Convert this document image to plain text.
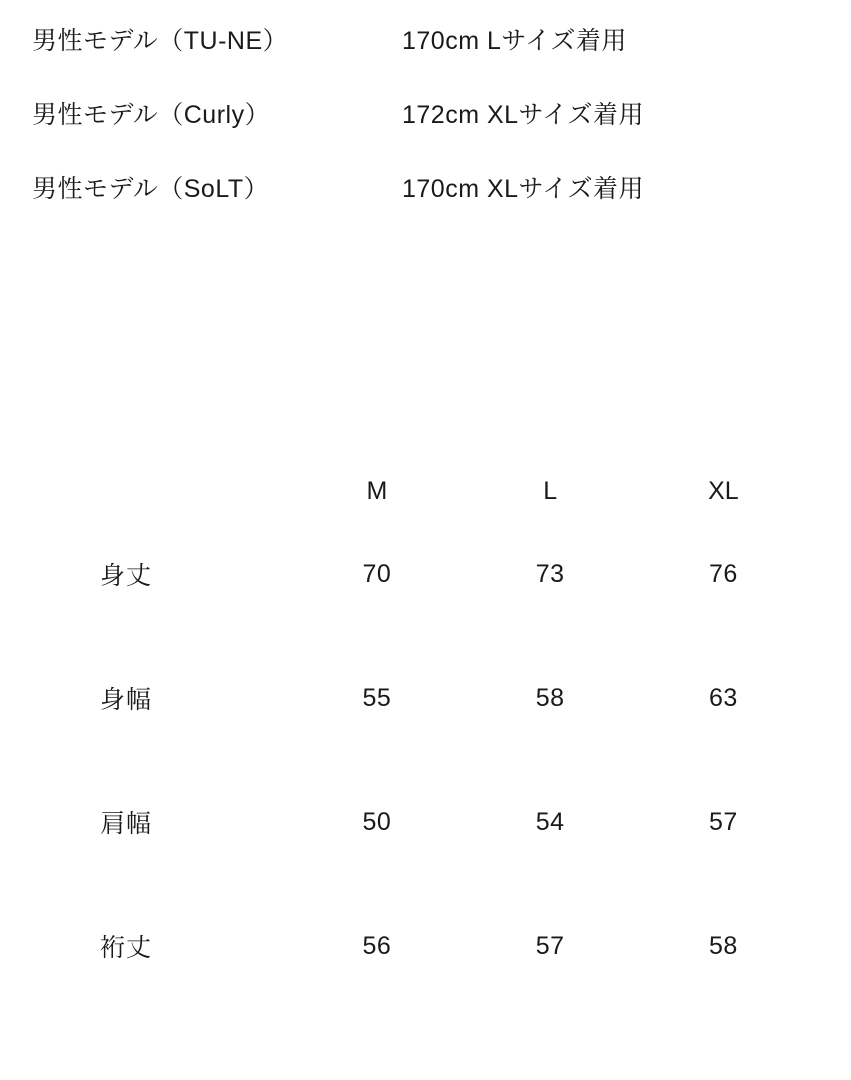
男性モデル（TU-NE）	170cm Lサイズ着用
男性モデル（Curly）	172cm XLサイズ着用
男性モデル（SoLT）	170cm XLサイズ着用
	M	L	XL
身丈	70	73	76
身幅	55	58	63
肩幅	50	54	57
裄丈	56	57	58
